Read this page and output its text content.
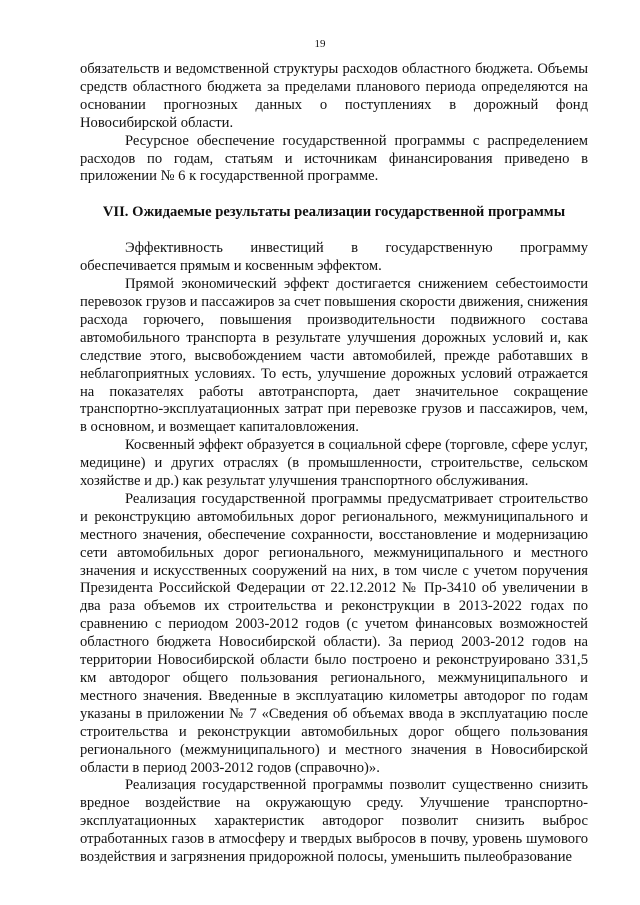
19

обязательств и ведомственной структуры расходов областного бюджета. Объемы средств областного бюджета за пределами планового периода определяются на основании прогнозных данных о поступлениях в дорожный фонд Новосибирской области.

Ресурсное обеспечение государственной программы с распределением расходов по годам, статьям и источникам финансирования приведено в приложении № 6 к государственной программе.

VII. Ожидаемые результаты реализации государственной программы

Эффективность инвестиций в государственную программу обеспечивается прямым и косвенным эффектом.

Прямой экономический эффект достигается снижением себестоимости перевозок грузов и пассажиров за счет повышения скорости движения, снижения расхода горючего, повышения производительности подвижного состава автомобильного транспорта в результате улучшения дорожных условий и, как следствие этого, высвобождением части автомобилей, прежде работавших в неблагоприятных условиях. То есть, улучшение дорожных условий отражается на показателях работы автотранспорта, дает значительное сокращение транспортно-эксплуатационных затрат при перевозке грузов и пассажиров, чем, в основном, и возмещает капиталовложения.

Косвенный эффект образуется в социальной сфере (торговле, сфере услуг, медицине) и других отраслях (в промышленности, строительстве, сельском хозяйстве и др.) как результат улучшения транспортного обслуживания.

Реализация государственной программы предусматривает строительство и реконструкцию автомобильных дорог регионального, межмуниципального и местного значения, обеспечение сохранности, восстановление и модернизацию сети автомобильных дорог регионального, межмуниципального и местного значения и искусственных сооружений на них, в том числе с учетом поручения Президента Российской Федерации от 22.12.2012 № Пр-3410 об увеличении в два раза объемов их строительства и реконструкции в 2013-2022 годах по сравнению с периодом 2003-2012 годов (с учетом финансовых возможностей областного бюджета Новосибирской области). За период 2003-2012 годов на территории Новосибирской области было построено и реконструировано 331,5 км автодорог общего пользования регионального, межмуниципального и местного значения. Введенные в эксплуатацию километры автодорог по годам указаны в приложении № 7 «Сведения об объемах ввода в эксплуатацию после строительства и реконструкции автомобильных дорог общего пользования регионального (межмуниципального) и местного значения в Новосибирской области в период 2003-2012 годов (справочно)».

Реализация государственной программы позволит существенно снизить вредное воздействие на окружающую среду. Улучшение транспортно-эксплуатационных характеристик автодорог позволит снизить выброс отработанных газов в атмосферу и твердых выбросов в почву, уровень шумового воздействия и загрязнения придорожной полосы, уменьшить пылеобразование
